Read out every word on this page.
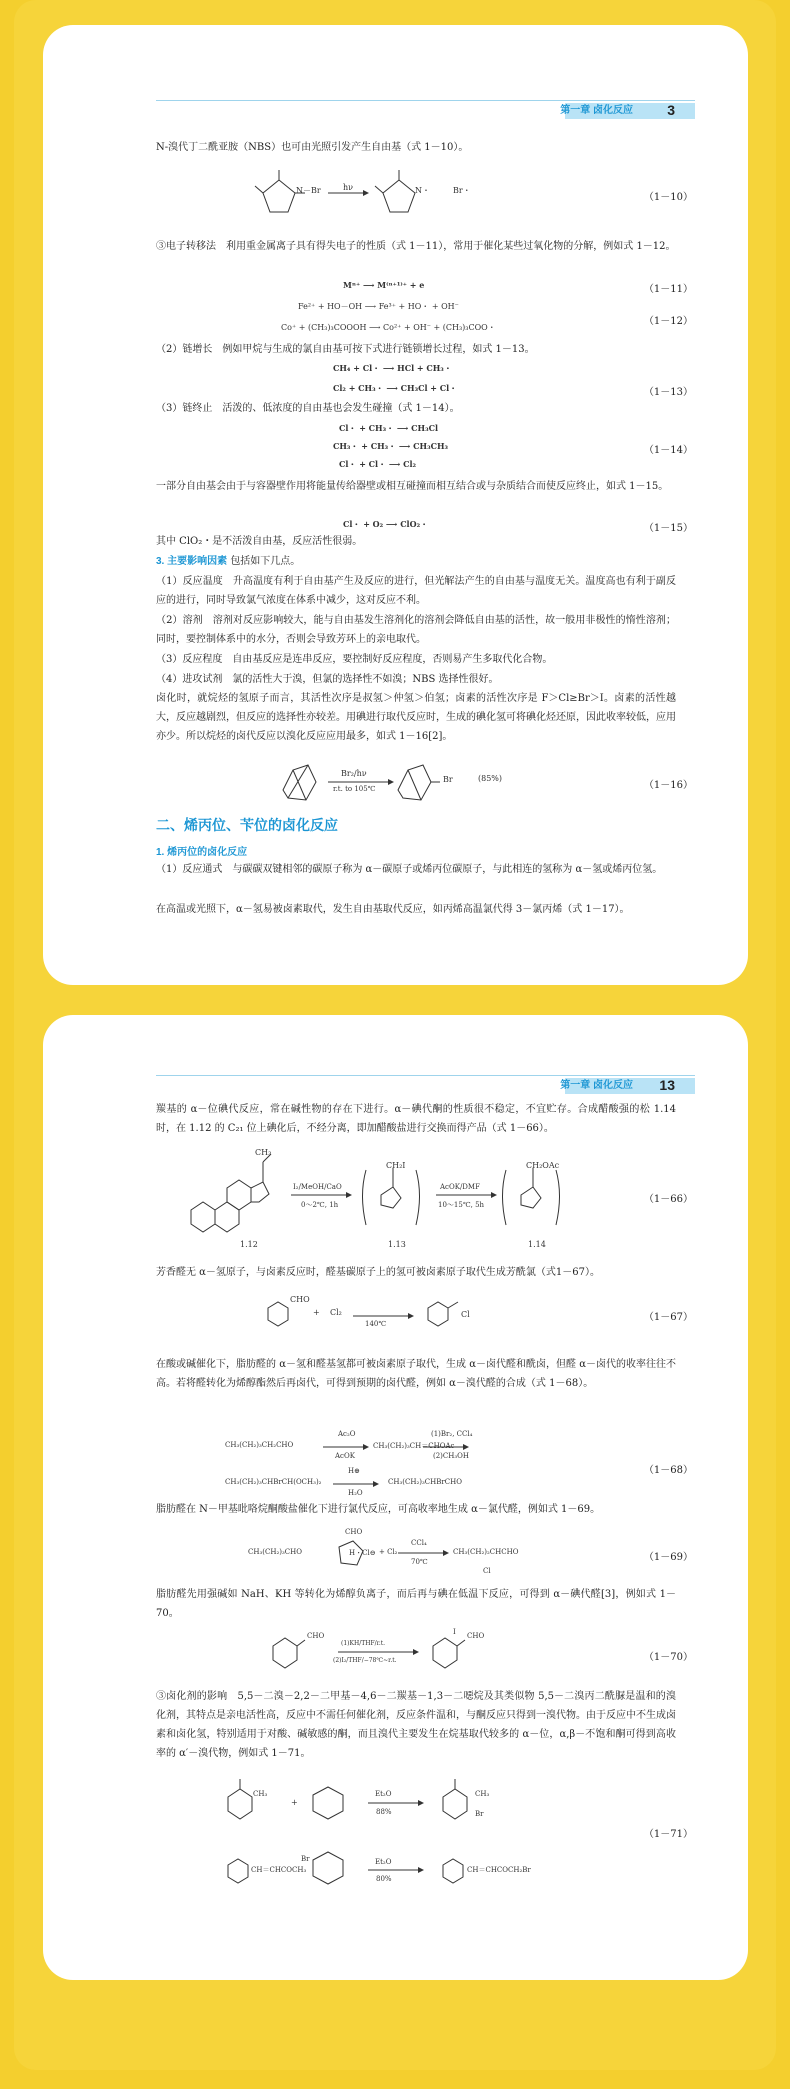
第一章 卤化反应 3
N-溴代丁二酰亚胺（NBS）也可由光照引发产生自由基（式 1－10）。
N－Br	hν	N・	Br・
（1－10）
③电子转移法　利用重金属离子具有得失电子的性质（式 1－11），常用于催化某些过氧化物的分解，例如式 1－12。
Mⁿ⁺ ⟶ M⁽ⁿ⁺¹⁾⁺ + e	（1－11）
Fe²⁺ + HO－OH ⟶ Fe³⁺ + HO・ + OH⁻
Co⁺ + (CH₃)₃COOOH ⟶ Co²⁺ + OH⁻ + (CH₃)₃COO・
（1－12）
（2）链增长　例如甲烷与生成的氯自由基可按下式进行链锁增长过程，如式 1－13。
CH₄ + Cl・ ⟶ HCl + CH₃・
Cl₂ + CH₃・ ⟶ CH₃Cl + Cl・	（1－13）
（3）链终止　活泼的、低浓度的自由基也会发生碰撞（式 1－14）。
Cl・ + CH₃・ ⟶ CH₃Cl
CH₃・ + CH₃・ ⟶ CH₃CH₃
Cl・ + Cl・ ⟶ Cl₂
（1－14）
一部分自由基会由于与容器壁作用将能量传给器壁或相互碰撞而相互结合或与杂质结合而使反应终止，如式 1－15。
Cl・ + O₂ ⟶ ClO₂・	（1－15）
其中 ClO₂・是不活泼自由基，反应活性很弱。
3. 主要影响因素 包括如下几点。
（1）反应温度　升高温度有利于自由基产生及反应的进行，但光解法产生的自由基与温度无关。温度高也有利于副反应的进行，同时导致氯气浓度在体系中减少，这对反应不利。
（2）溶剂　溶剂对反应影响较大，能与自由基发生溶剂化的溶剂会降低自由基的活性，故一般用非极性的惰性溶剂；同时，要控制体系中的水分，否则会导致芳环上的亲电取代。
（3）反应程度　自由基反应是连串反应，要控制好反应程度，否则易产生多取代化合物。
（4）进攻试剂　氯的活性大于溴，但氯的选择性不如溴；NBS 选择性很好。
卤化时，就烷烃的氢原子而言，其活性次序是叔氢＞仲氢＞伯氢；卤素的活性次序是 F＞Cl≥Br＞I。卤素的活性越大，反应越剧烈，但反应的选择性亦较差。用碘进行取代反应时，生成的碘化氢可将碘化烃还原，因此收率较低，应用亦少。所以烷烃的卤代反应以溴化反应应用最多，如式 1－16[2]。
Br₂/hν
r.t. to 105℃
Br	(85%)
（1－16）
二、烯丙位、苄位的卤化反应
1. 烯丙位的卤化反应
（1）反应通式　与碳碳双键相邻的碳原子称为 α－碳原子或烯丙位碳原子，与此相连的氢称为 α－氢或烯丙位氢。
在高温或光照下，α－氢易被卤素取代，发生自由基取代反应，如丙烯高温氯代得 3－氯丙烯（式 1－17）。
第一章 卤化反应 13
羰基的 α－位碘代反应，常在碱性物的存在下进行。α－碘代酮的性质很不稳定，不宜贮存。合成醋酸强的松 1.14 时，在 1.12 的 C₂₁ 位上碘化后，不经分离，即加醋酸盐进行交换而得产品（式 1－66）。
CH₃
CH₂I	CH₂OAc
I₂/MeOH/CaO
0～2℃, 1h
AcOK/DMF
10～15℃, 5h
1.12	1.13	1.14
（1－66）
芳香醛无 α－氢原子，与卤素反应时，醛基碳原子上的氢可被卤素原子取代生成芳酰氯（式1－67）。
CHO
+ Cl₂
140℃
Cl	（1－67）
在酸或碱催化下，脂肪醛的 α－氢和醛基氢都可被卤素原子取代，生成 α－卤代醛和酰卤，但醛 α－卤代的收率往往不高。若将醛转化为烯醇酯然后再卤代，可得到预期的卤代醛，例如 α－溴代醛的合成（式 1－68）。
CH₃(CH₂)₃CH₂CHO
Ac₂O
AcOK
CH₃(CH₂)₃CH＝CHOAc
(1)Br₂, CCl₄
(2)CH₃OH
CH₃(CH₂)₃CHBrCH(OCH₃)₂ →
H⊕
H₂O
CH₃(CH₂)₃CHBrCHO
（1－68）
脂肪醛在 N－甲基吡咯烷酮酸盐催化下进行氯代反应，可高收率地生成 α－氯代醛，例如式 1－69。
CH₃(CH₂)₃CHO
CHO
H・Cl⊖ + Cl₂
CCl₄
70℃
CH₃(CH₂)₂CHCHO
Cl
（1－69）
脂肪醛先用强碱如 NaH、KH 等转化为烯醇负离子，而后再与碘在低温下反应，可得到 α－碘代醛[3]，例如式 1－70。
CHO
(1)KH/THF/r.t.
(2)I₂/THF/−78℃~r.t.
I CHO
（1－70）
③卤化剂的影响　5,5－二溴－2,2－二甲基－4,6－二羰基－1,3－二噁烷及其类似物 5,5－二溴丙二酰脲是温和的溴化剂，其特点是亲电活性高，反应中不需任何催化剂，反应条件温和，与酮反应只得到一溴代物。由于反应中不生成卤素和卤化氢，特别适用于对酸、碱敏感的酮，而且溴代主要发生在烷基取代较多的 α－位，α,β－不饱和酮可得到高收率的 α′－溴代物，例如式 1－71。
CH₃
+
Et₂O
88%
CH₃
Br
CH＝CHCOCH₃
Br	Et₂O
80%
CH＝CHCOCH₂Br
（1－71）
